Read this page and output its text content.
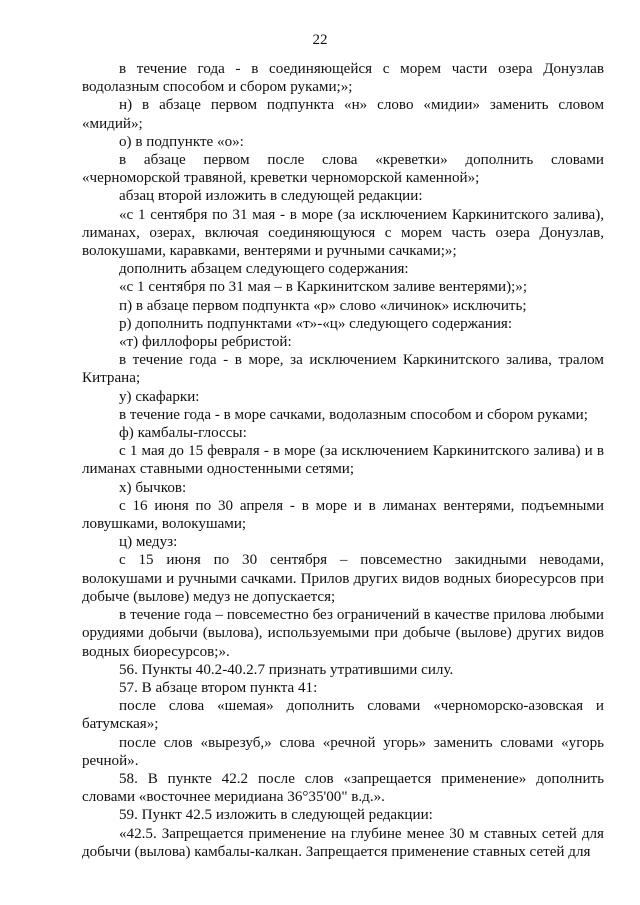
22

в течение года - в соединяющейся с морем части озера Донузлав водолазным способом и сбором руками;»;

н) в абзаце первом подпункта «н» слово «мидии» заменить словом «мидий»;

о) в подпункте «о»:

в абзаце первом после слова «креветки» дополнить словами «черноморской травяной, креветки черноморской каменной»;

абзац второй изложить в следующей редакции:

«с 1 сентября по 31 мая - в море (за исключением Каркинитского залива), лиманах, озерах, включая соединяющуюся с морем часть озера Донузлав, волокушами, каравками, вентерями и ручными сачками;»;

дополнить абзацем следующего содержания:

«с 1 сентября по 31 мая – в Каркинитском заливе вентерями);»;

п) в абзаце первом подпункта «р» слово «личинок» исключить;

р) дополнить подпунктами «т»-«ц» следующего содержания:

«т) филлофоры ребристой:

в течение года - в море, за исключением Каркинитского залива, тралом Китрана;

у) скафарки:

в течение года - в море сачками, водолазным способом и сбором руками;

ф) камбалы-глоссы:

с 1 мая до 15 февраля - в море (за исключением Каркинитского залива) и в лиманах ставными одностенными сетями;

х) бычков:

с 16 июня по 30 апреля - в море и в лиманах вентерями, подъемными ловушками, волокушами;

ц) медуз:

с 15 июня по 30 сентября – повсеместно закидными неводами, волокушами и ручными сачками. Прилов других видов водных биоресурсов при добыче (вылове) медуз не допускается;

в течение года – повсеместно без ограничений в качестве прилова любыми орудиями добычи (вылова), используемыми при добыче (вылове) других видов водных биоресурсов;».

56. Пункты 40.2-40.2.7 признать утратившими силу.

57. В абзаце втором пункта 41:

после слова «шемая» дополнить словами «черноморско-азовская и батумская»;

после слов «вырезуб,» слова «речной угорь» заменить словами «угорь речной».

58. В пункте 42.2 после слов «запрещается применение» дополнить словами «восточнее меридиана 36°35'00" в.д.».

59. Пункт 42.5 изложить в следующей редакции:

«42.5. Запрещается применение на глубине менее 30 м ставных сетей для добычи (вылова) камбалы-калкан. Запрещается применение ставных сетей для
